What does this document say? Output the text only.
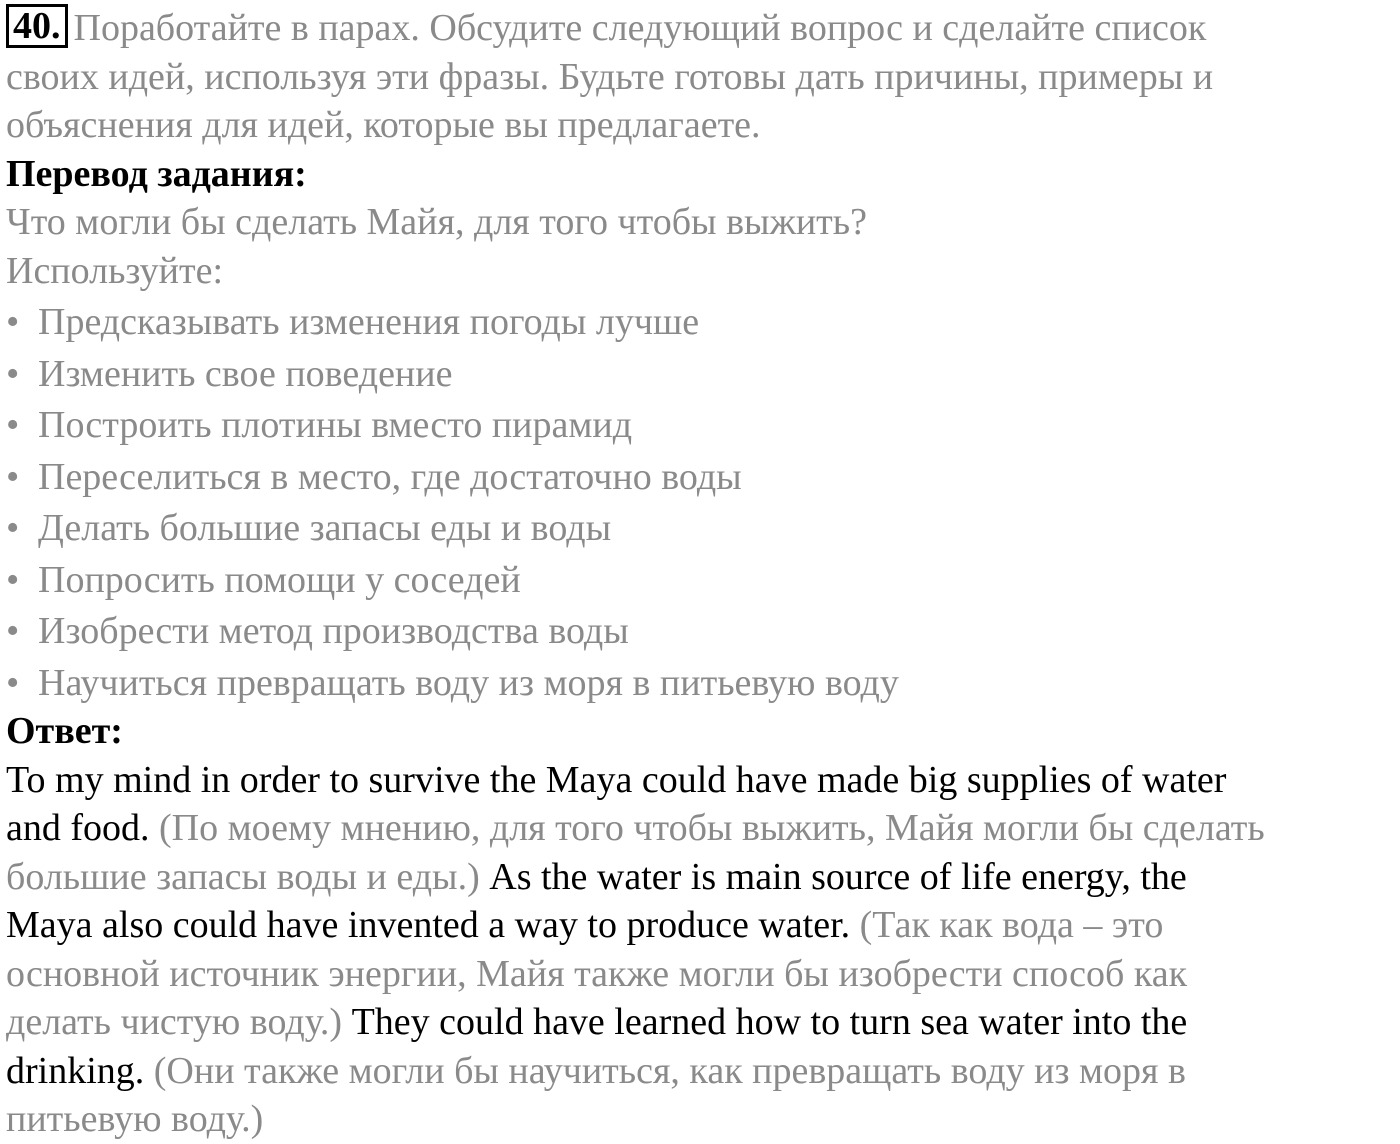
40. Поработайте в парах. Обсудите следующий вопрос и сделайте список
своих идей, используя эти фразы. Будьте готовы дать причины, примеры и
объяснения для идей, которые вы предлагаете.
Перевод задания:
Что могли бы сделать Майя, для того чтобы выжить?
Используйте:
• Предсказывать изменения погоды лучше
• Изменить свое поведение
• Построить плотины вместо пирамид
• Переселиться в место, где достаточно воды
• Делать большие запасы еды и воды
• Попросить помощи у соседей
• Изобрести метод производства воды
• Научиться превращать воду из моря в питьевую воду
Ответ:
To my mind in order to survive the Maya could have made big supplies of water
and food. (По моему мнению, для того чтобы выжить, Майя могли бы сделать
большие запасы воды и еды.) As the water is main source of life energy, the
Maya also could have invented a way to produce water. (Так как вода – это
основной источник энергии, Майя также могли бы изобрести способ как
делать чистую воду.) They could have learned how to turn sea water into the
drinking. (Они также могли бы научиться, как превращать воду из моря в
питьевую воду.)
